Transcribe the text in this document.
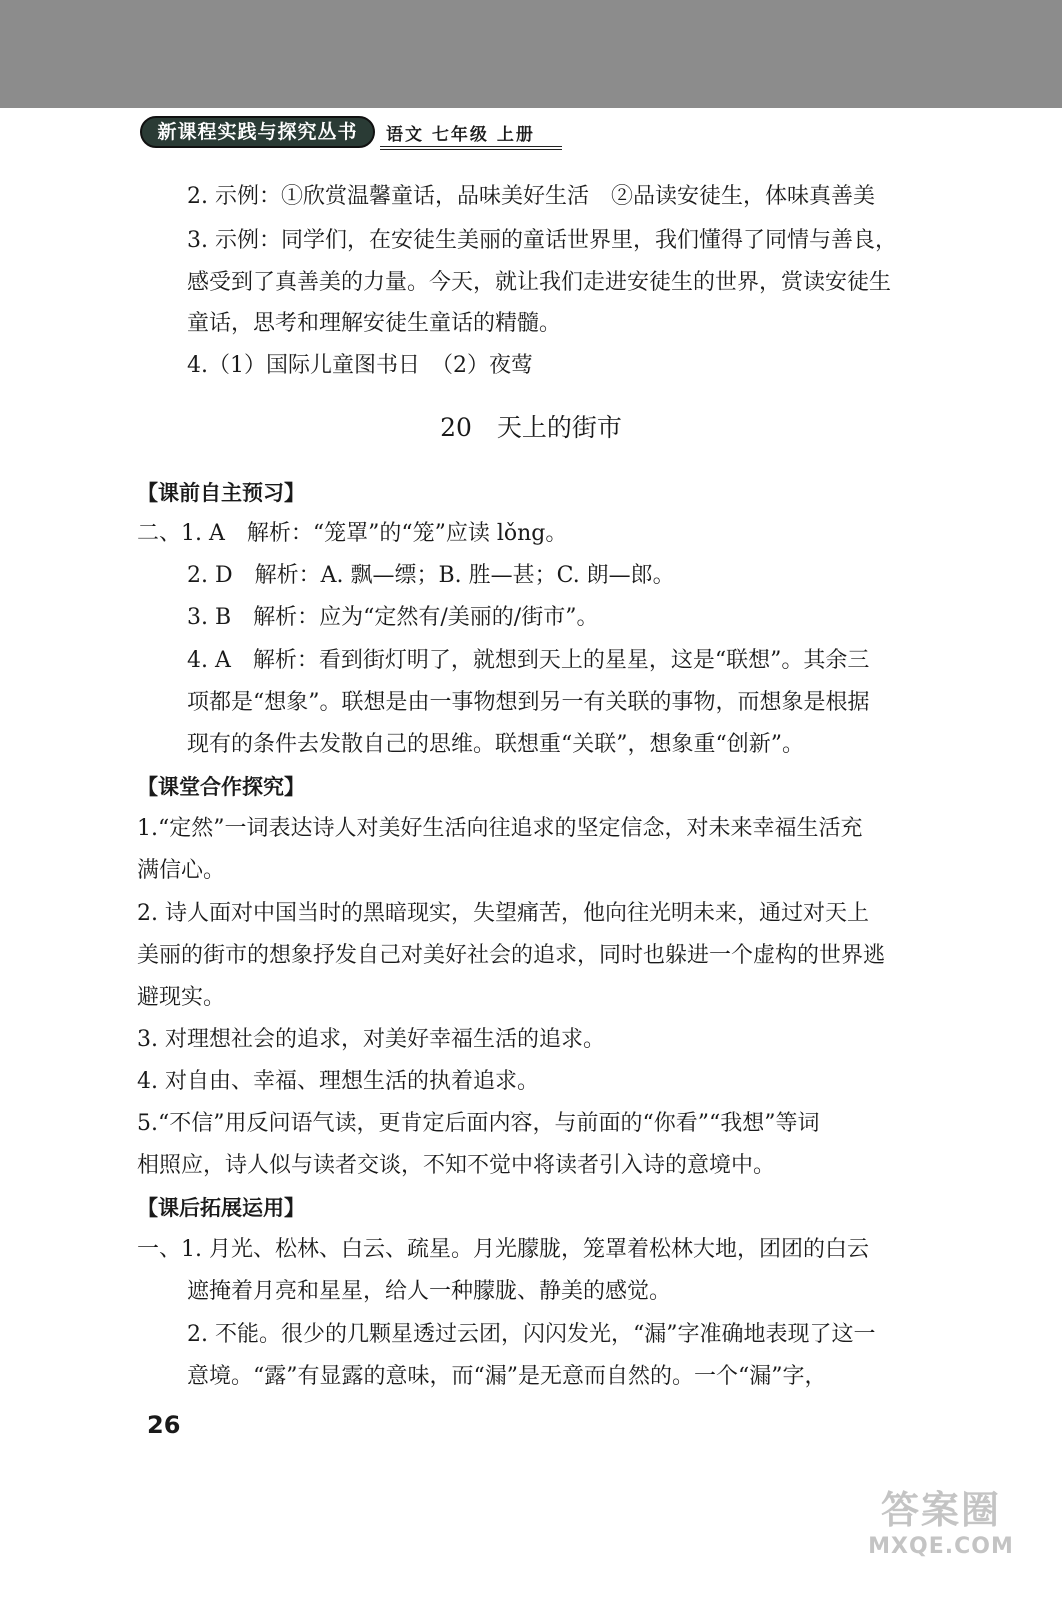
新课程实践与探究丛书	语文 七年级 上册
2. 示例：①欣赏温馨童话，品味美好生活　②品读安徒生，体味真善美
3. 示例：同学们，在安徒生美丽的童话世界里，我们懂得了同情与善良，
感受到了真善美的力量。今天，就让我们走进安徒生的世界，赏读安徒生
童话，思考和理解安徒生童话的精髓。
4.（1）国际儿童图书日　（2）夜莺
20　天上的街市
【课前自主预习】
二、1. A　解析：“笼罩”的“笼”应读 lǒng。
2. D　解析：A. 飘—缥；B. 胜—甚；C. 朗—郎。
3. B　解析：应为“定然有/美丽的/街市”。
4. A　解析：看到街灯明了，就想到天上的星星，这是“联想”。其余三
项都是“想象”。联想是由一事物想到另一有关联的事物，而想象是根据
现有的条件去发散自己的思维。联想重“关联”，想象重“创新”。
【课堂合作探究】
1.“定然”一词表达诗人对美好生活向往追求的坚定信念，对未来幸福生活充
满信心。
2. 诗人面对中国当时的黑暗现实，失望痛苦，他向往光明未来，通过对天上
美丽的街市的想象抒发自己对美好社会的追求，同时也躲进一个虚构的世界逃
避现实。
3. 对理想社会的追求，对美好幸福生活的追求。
4. 对自由、幸福、理想生活的执着追求。
5.“不信”用反问语气读，更肯定后面内容，与前面的“你看”“我想”等词
相照应，诗人似与读者交谈，不知不觉中将读者引入诗的意境中。
【课后拓展运用】
一、1. 月光、松林、白云、疏星。月光朦胧，笼罩着松林大地，团团的白云
遮掩着月亮和星星，给人一种朦胧、静美的感觉。
2. 不能。很少的几颗星透过云团，闪闪发光，“漏”字准确地表现了这一
意境。“露”有显露的意味，而“漏”是无意而自然的。一个“漏”字，
26
答案圈
MXQE.COM
